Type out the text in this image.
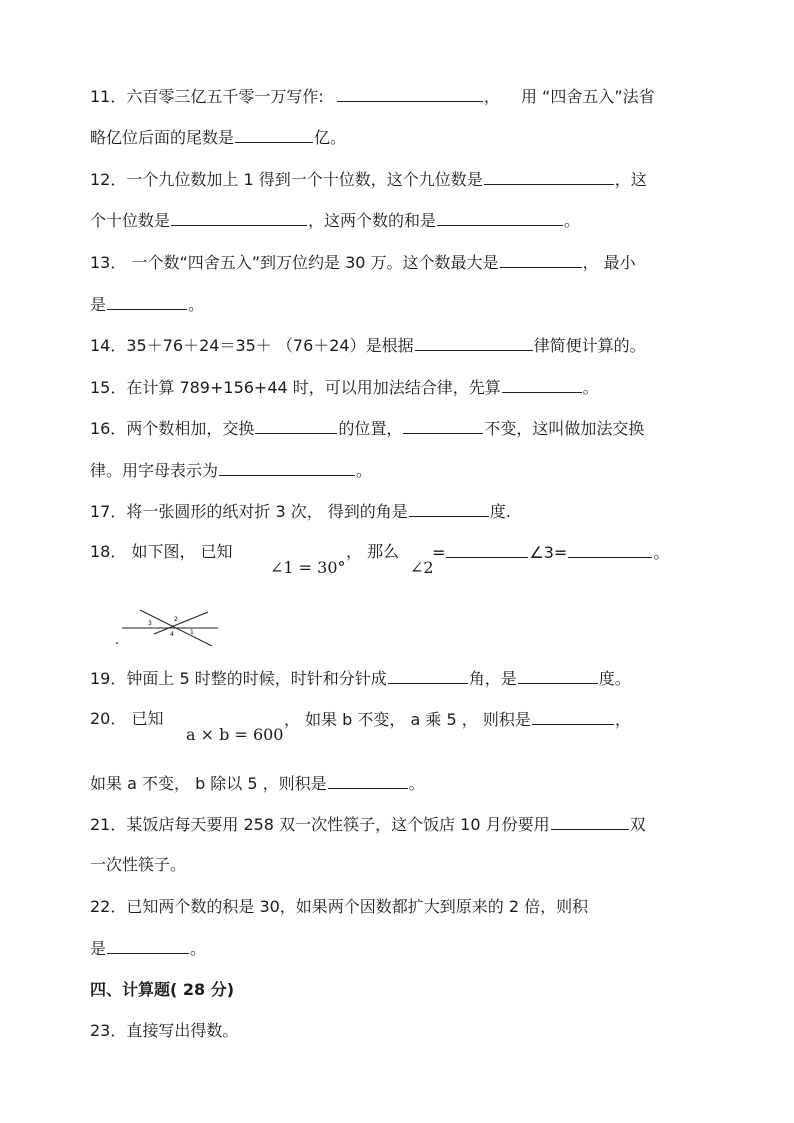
11．六百零三亿五千零一万写作:	， 用 “四舍五入”法省
略亿位后面的尾数是	亿。
12．一个九位数加上 1 得到一个十位数，这个九位数是	，这
个十位数是	，这两个数的和是	。
13． 一个数“四舍五入”到万位约是 30 万。这个数最大是	， 最小
是	。
14．35＋76＋24＝35＋ （76＋24）是根据	律简便计算的。
15．在计算 789+156+44 时，可以用加法结合律，先算	。
16．两个数相加，交换	的位置，	不变，这叫做加法交换
律。用字母表示为	。
17．将一张圆形的纸对折 3 次， 得到的角是	度.
18． 如下图， 已知
∠1 = 30°
， 那么
∠2
=	∠3=	。
3
2
4	1
19．钟面上 5 时整的时候，时针和分针成	角，是	度。
20． 已知
a × b = 600
， 如果 b 不变， a 乘 5 ， 则积是	，
如果 a 不变， b 除以 5 ，则积是	。
21．某饭店每天要用 258 双一次性筷子，这个饭店 10 月份要用	双
一次性筷子。
22．已知两个数的积是 30，如果两个因数都扩大到原来的 2 倍，则积
是	。
四、计算题( 28 分)
23．直接写出得数。
